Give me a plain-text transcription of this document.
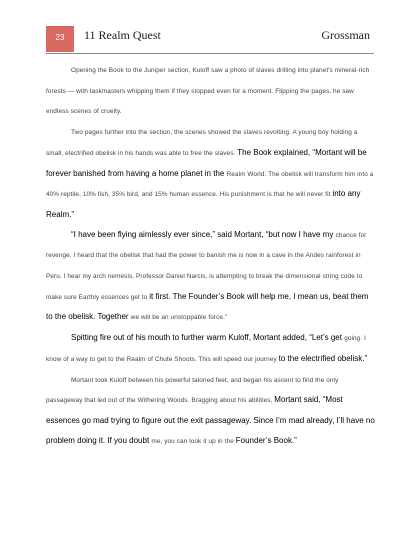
23	11 Realm Quest	Grossman

Opening the Book to the Juniper section, Kuloff saw a photo of slaves drilling into planet's mineral-rich forests — with taskmasters whipping them if they stopped even for a moment. Flipping the pages, he saw endless scenes of cruelty.

Two pages further into the section, the scenes showed the slaves revolting. A young boy holding a small, electrified obelisk in his hands was able to free the slaves. The Book explained, “Mortant will be forever banished from having a home planet in the Realm World. The obelisk will transform him into a 40% reptile, 10% fish, 35% bird, and 15% human essence. His punishment is that he will never fit into any Realm.”

“I have been flying aimlessly ever since,” said Mortant, “but now I have my chance for revenge. I heard that the obelisk that had the power to banish me is now in a cave in the Andes rainforest in Peru. I hear my arch nemesis, Professor Daniel Narcis, is attempting to break the dimensional string code to make sure Earthly essences get to it first. The Founder’s Book will help me, I mean us, beat them to the obelisk. Together we will be an unstoppable force.”

Spitting fire out of his mouth to further warm Kuloff, Mortant added, “Let’s get going. I know of a way to get to the Realm of Chute Shoots. This will speed our journey to the electrified obelisk.”

Mortant took Kuloff between his powerful taloned feet, and began his ascent to find the only passageway that led out of the Withering Woods. Bragging about his abilities, Mortant said, “Most essences go mad trying to figure out the exit passageway. Since I’m mad already, I’ll have no problem doing it. If you doubt me, you can look it up in the Founder’s Book.”
